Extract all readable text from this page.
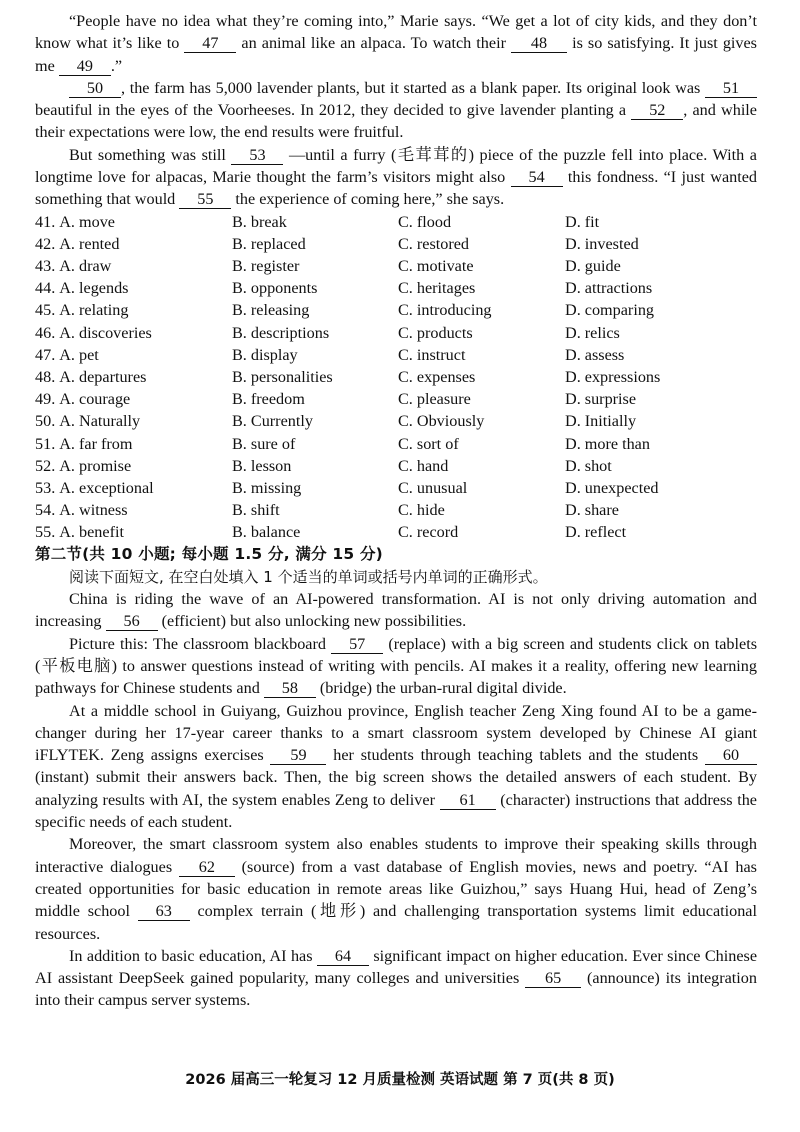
“People have no idea what they’re coming into,” Marie says. “We get a lot of city kids, and they don’t know what it’s like to 47 an animal like an alpaca. To watch their 48 is so satisfying. It just gives me 49 .”

50 , the farm has 5,000 lavender plants, but it started as a blank paper. Its original look was 51 beautiful in the eyes of the Voorheeses. In 2012, they decided to give lavender planting a 52 , and while their expectations were low, the end results were fruitful.

But something was still 53 —until a furry (毛茸茸的) piece of the puzzle fell into place. With a longtime love for alpacas, Marie thought the farm’s visitors might also 54 this fondness. “I just wanted something that would 55 the experience of coming here,” she says.

41. A. move	B. break	C. flood	D. fit
42. A. rented	B. replaced	C. restored	D. invested
43. A. draw	B. register	C. motivate	D. guide
44. A. legends	B. opponents	C. heritages	D. attractions
45. A. relating	B. releasing	C. introducing	D. comparing
46. A. discoveries	B. descriptions	C. products	D. relics
47. A. pet	B. display	C. instruct	D. assess
48. A. departures	B. personalities	C. expenses	D. expressions
49. A. courage	B. freedom	C. pleasure	D. surprise
50. A. Naturally	B. Currently	C. Obviously	D. Initially
51. A. far from	B. sure of	C. sort of	D. more than
52. A. promise	B. lesson	C. hand	D. shot
53. A. exceptional	B. missing	C. unusual	D. unexpected
54. A. witness	B. shift	C. hide	D. share
55. A. benefit	B. balance	C. record	D. reflect

第二节(共 10 小题; 每小题 1.5 分, 满分 15 分)

阅读下面短文, 在空白处填入 1 个适当的单词或括号内单词的正确形式。

China is riding the wave of an AI-powered transformation. AI is not only driving automation and increasing 56 (efficient) but also unlocking new possibilities.

Picture this: The classroom blackboard 57 (replace) with a big screen and students click on tablets (平板电脑) to answer questions instead of writing with pencils. AI makes it a reality, offering new learning pathways for Chinese students and 58 (bridge) the urban-rural digital divide.

At a middle school in Guiyang, Guizhou province, English teacher Zeng Xing found AI to be a game-changer during her 17-year career thanks to a smart classroom system developed by Chinese AI giant iFLYTEK. Zeng assigns exercises 59 her students through teaching tablets and the students 60 (instant) submit their answers back. Then, the big screen shows the detailed answers of each student. By analyzing results with AI, the system enables Zeng to deliver 61 (character) instructions that address the specific needs of each student.

Moreover, the smart classroom system also enables students to improve their speaking skills through interactive dialogues 62 (source) from a vast database of English movies, news and poetry. “AI has created opportunities for basic education in remote areas like Guizhou,” says Huang Hui, head of Zeng’s middle school 63 complex terrain (地形) and challenging transportation systems limit educational resources.

In addition to basic education, AI has 64 significant impact on higher education. Ever since Chinese AI assistant DeepSeek gained popularity, many colleges and universities 65 (announce) its integration into their campus server systems.

2026 届高三一轮复习 12 月质量检测 英语试题 第 7 页(共 8 页)
